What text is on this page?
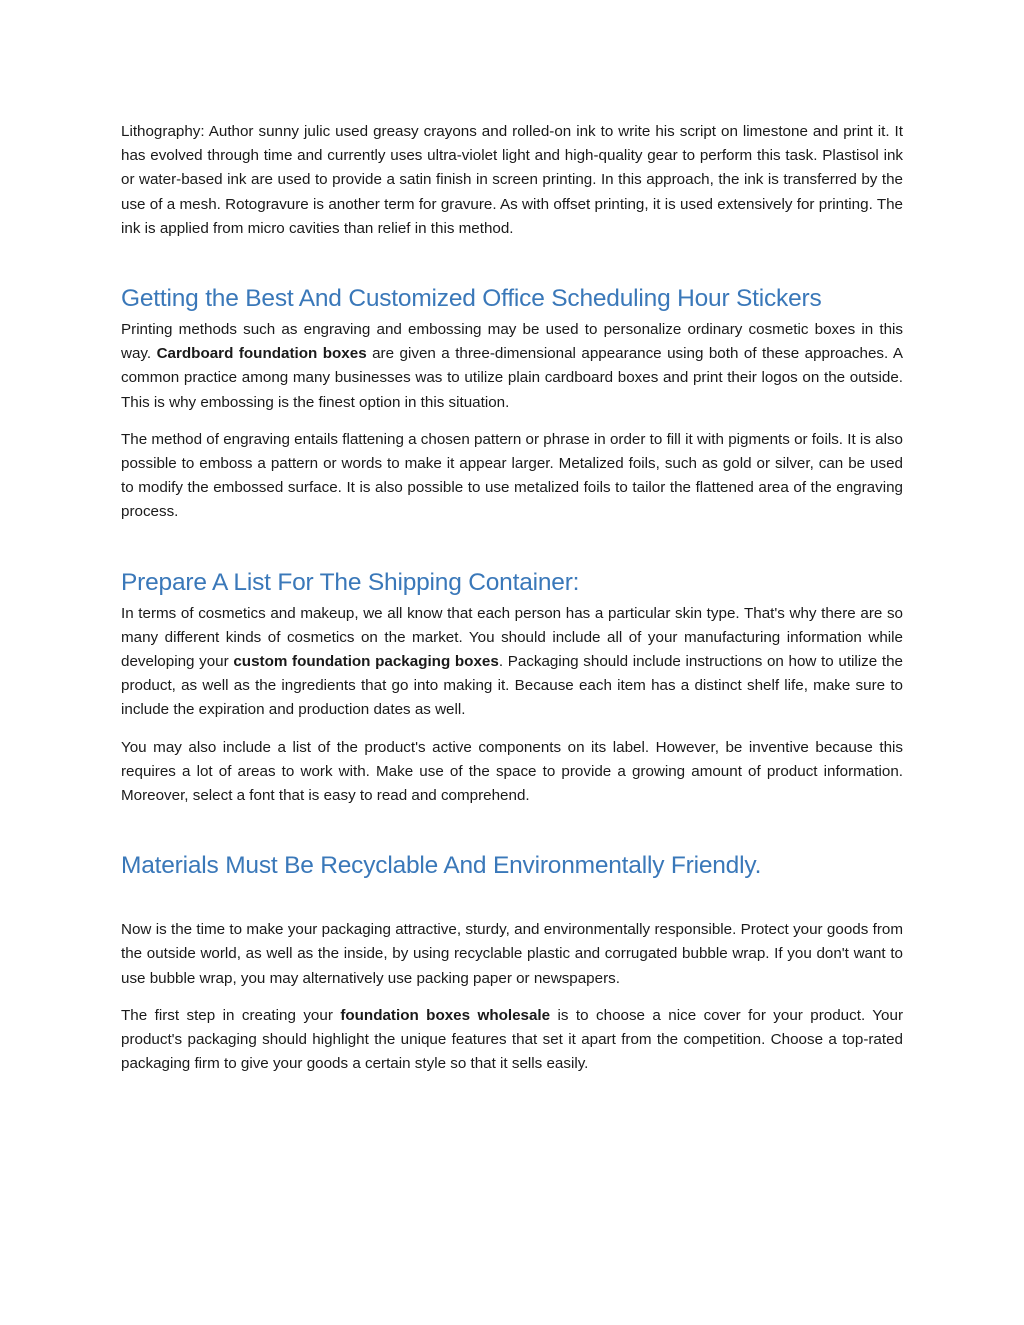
Lithography: Author sunny julic used greasy crayons and rolled-on ink to write his script on limestone and print it. It has evolved through time and currently uses ultra-violet light and high-quality gear to perform this task. Plastisol ink or water-based ink are used to provide a satin finish in screen printing. In this approach, the ink is transferred by the use of a mesh. Rotogravure is another term for gravure. As with offset printing, it is used extensively for printing. The ink is applied from micro cavities than relief in this method.

Getting the Best And Customized Office Scheduling Hour Stickers

Printing methods such as engraving and embossing may be used to personalize ordinary cosmetic boxes in this way. Cardboard foundation boxes are given a three-dimensional appearance using both of these approaches. A common practice among many businesses was to utilize plain cardboard boxes and print their logos on the outside. This is why embossing is the finest option in this situation.

The method of engraving entails flattening a chosen pattern or phrase in order to fill it with pigments or foils. It is also possible to emboss a pattern or words to make it appear larger. Metalized foils, such as gold or silver, can be used to modify the embossed surface. It is also possible to use metalized foils to tailor the flattened area of the engraving process.

Prepare A List For The Shipping Container:

In terms of cosmetics and makeup, we all know that each person has a particular skin type. That's why there are so many different kinds of cosmetics on the market. You should include all of your manufacturing information while developing your custom foundation packaging boxes. Packaging should include instructions on how to utilize the product, as well as the ingredients that go into making it. Because each item has a distinct shelf life, make sure to include the expiration and production dates as well.

You may also include a list of the product's active components on its label. However, be inventive because this requires a lot of areas to work with. Make use of the space to provide a growing amount of product information. Moreover, select a font that is easy to read and comprehend.

Materials Must Be Recyclable And Environmentally Friendly.

Now is the time to make your packaging attractive, sturdy, and environmentally responsible. Protect your goods from the outside world, as well as the inside, by using recyclable plastic and corrugated bubble wrap. If you don't want to use bubble wrap, you may alternatively use packing paper or newspapers.

The first step in creating your foundation boxes wholesale is to choose a nice cover for your product. Your product's packaging should highlight the unique features that set it apart from the competition. Choose a top-rated packaging firm to give your goods a certain style so that it sells easily.
